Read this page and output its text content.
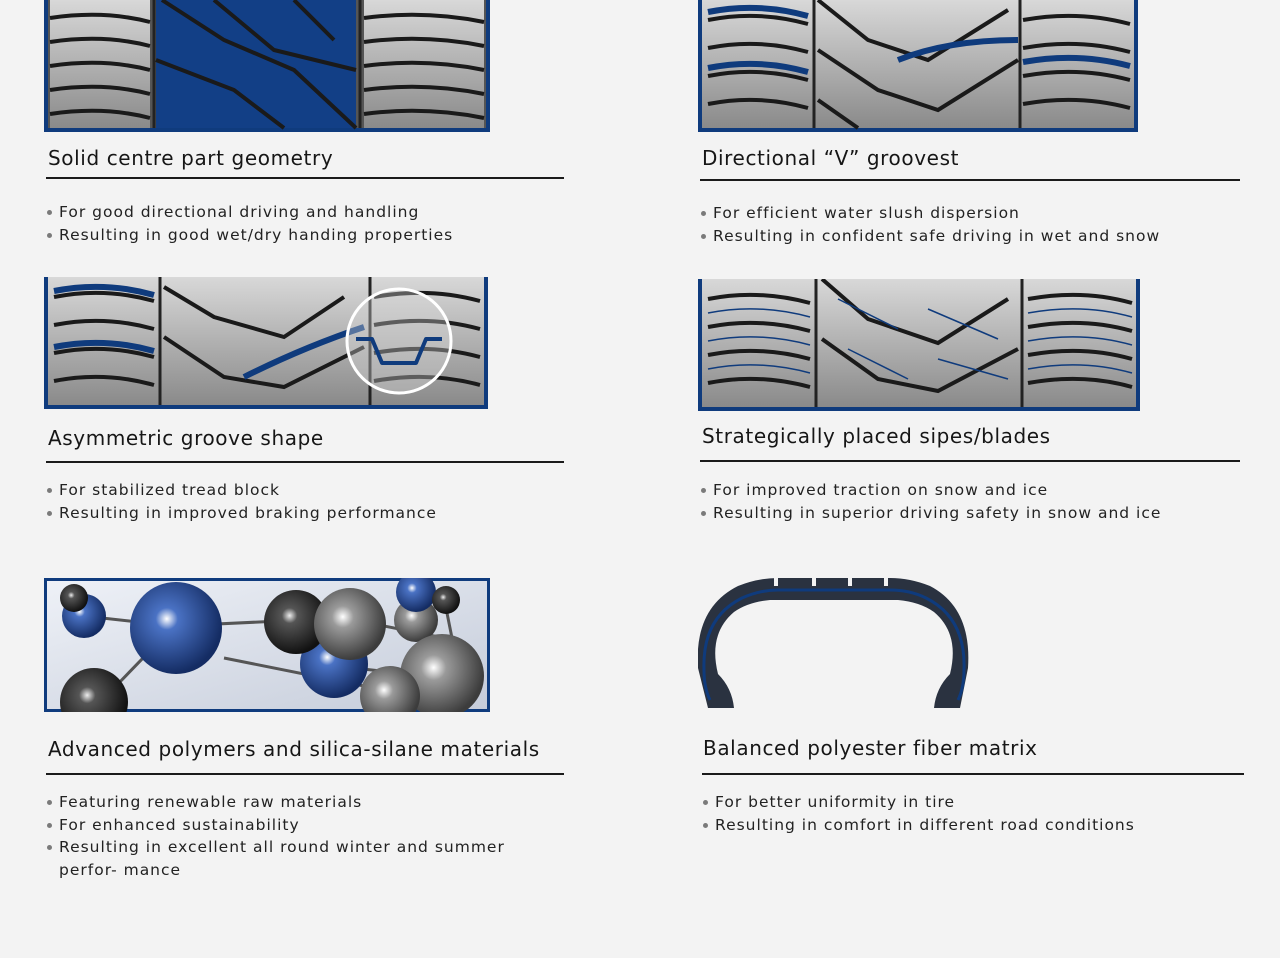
Solid centre part geometry
For good directional driving and handling
Resulting in good wet/dry handing properties
Directional “V” groovest
For efficient water slush dispersion
Resulting in confident safe driving in wet and snow
Asymmetric groove shape
For stabilized tread block
Resulting in improved braking performance
Strategically placed sipes/blades
For improved traction on snow and ice
Resulting in superior driving safety in snow and ice
Advanced polymers and silica-silane materials
Featuring renewable raw materials
For enhanced sustainability
Resulting in excellent all round winter and summer perfor- mance
Balanced polyester fiber matrix
For better uniformity in tire
Resulting in comfort in different road conditions
